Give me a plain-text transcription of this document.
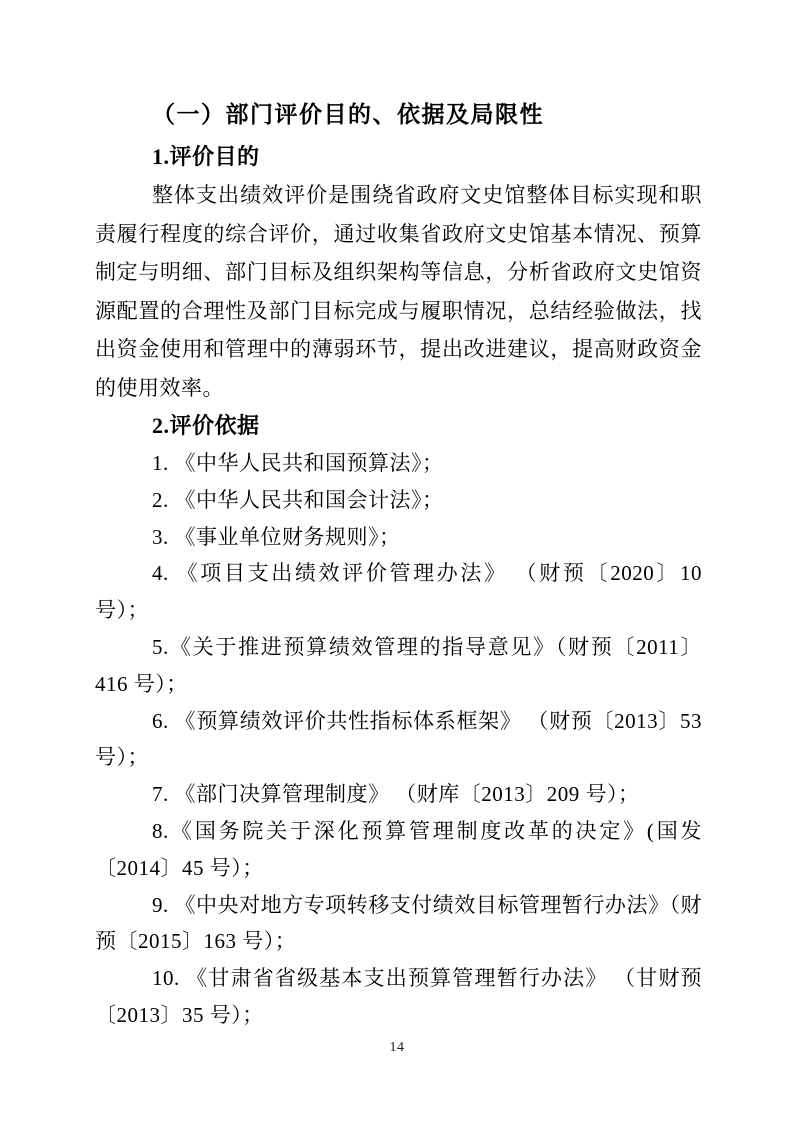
（一）部门评价目的、依据及局限性
1.评价目的

整体支出绩效评价是围绕省政府文史馆整体目标实现和职责履行程度的综合评价，通过收集省政府文史馆基本情况、预算制定与明细、部门目标及组织架构等信息，分析省政府文史馆资源配置的合理性及部门目标完成与履职情况，总结经验做法，找出资金使用和管理中的薄弱环节，提出改进建议，提高财政资金的使用效率。

2.评价依据

1. 《中华人民共和国预算法》；

2. 《中华人民共和国会计法》；

3. 《事业单位财务规则》；

4. 《项目支出绩效评价管理办法》 （财预〔2020〕10 号）；

5.《关于推进预算绩效管理的指导意见》（财预〔2011〕416 号）；

6. 《预算绩效评价共性指标体系框架》 （财预〔2013〕53 号）；

7. 《部门决算管理制度》 （财库〔2013〕209 号）；

8.《国务院关于深化预算管理制度改革的决定》(国发〔2014〕45 号）；

9. 《中央对地方专项转移支付绩效目标管理暂行办法》（财预〔2015〕163 号）；

10. 《甘肃省省级基本支出预算管理暂行办法》 （甘财预〔2013〕35 号）；

14
